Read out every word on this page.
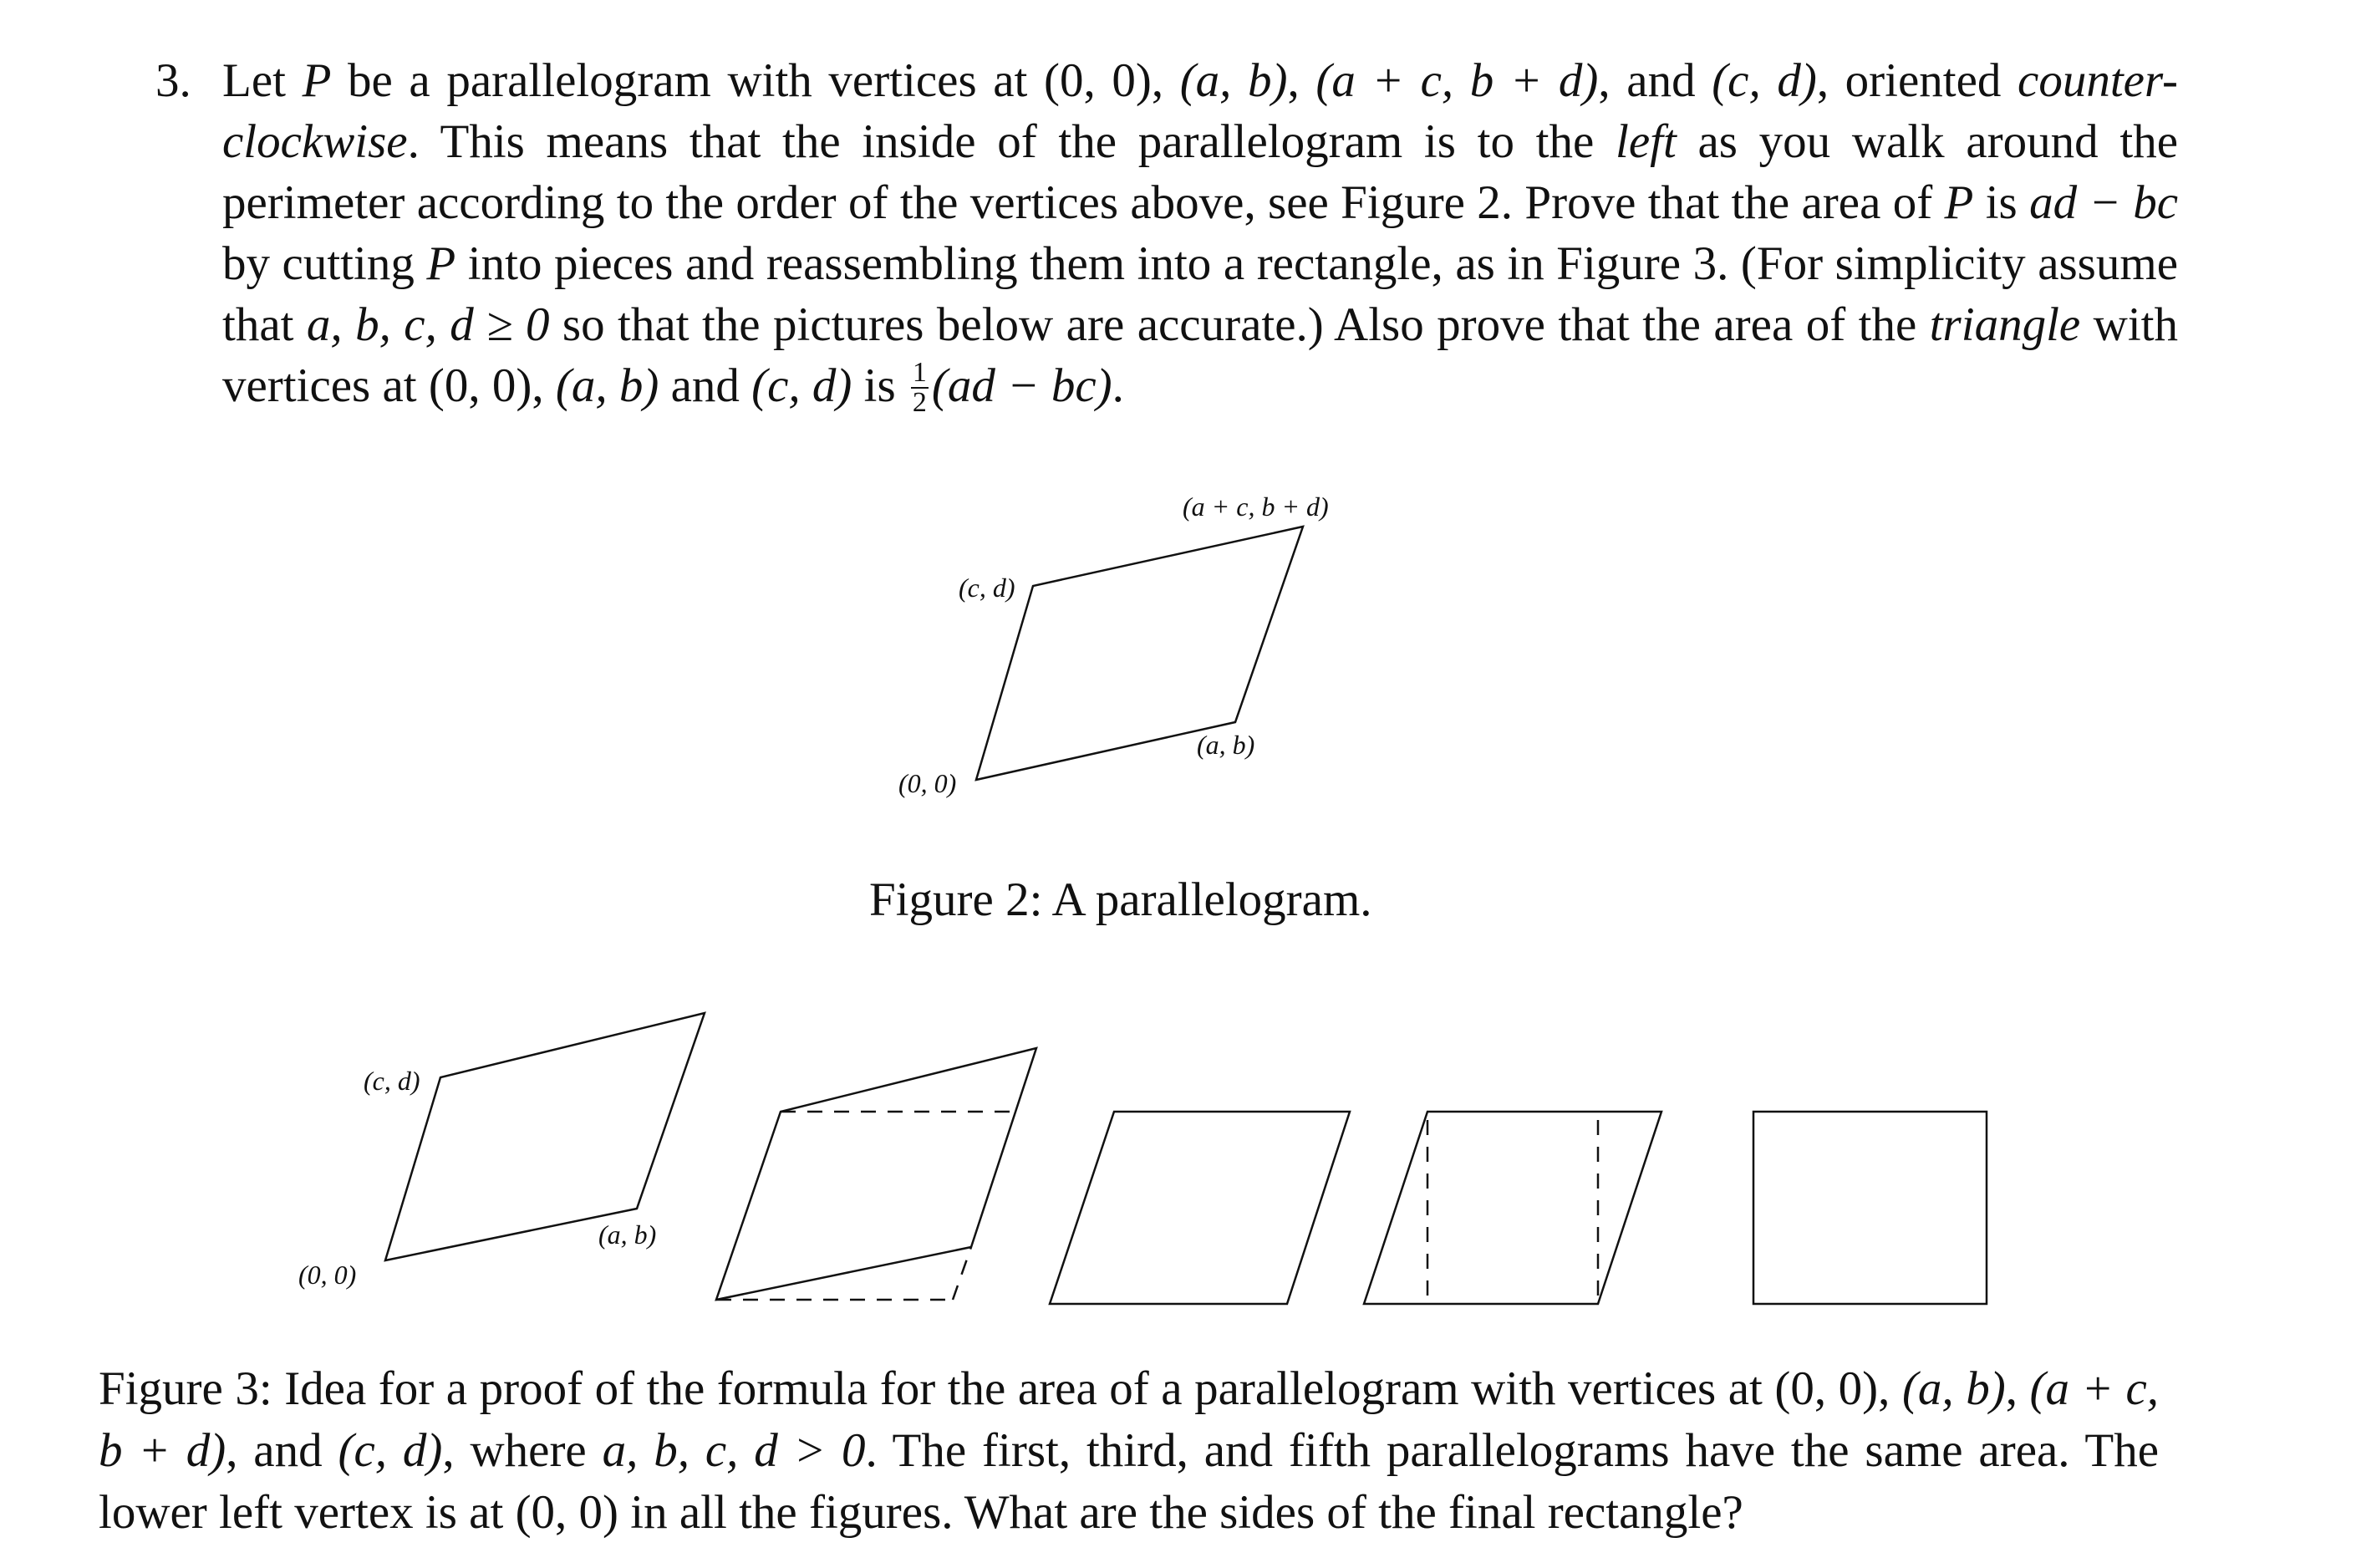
3. Let P be a parallelogram with vertices at (0, 0), (a, b), (a + c, b + d), and (c, d), oriented counter-clockwise. This means that the inside of the parallelogram is to the left as you walk around the perimeter according to the order of the vertices above, see Figure 2. Prove that the area of P is ad − bc by cutting P into pieces and reassembling them into a rectangle, as in Figure 3. (For simplicity assume that a, b, c, d ≥ 0 so that the pictures below are accurate.) Also prove that the area of the triangle with vertices at (0, 0), (a, b) and (c, d) is $\frac{1}{2} (ad - bc)$.
(0, 0)
(a, b)
(c, d)
(a + c, b + d)
(0, 0)
(a, b)
(c, d)
Figure 2: A parallelogram.
Figure 3: Idea for a proof of the formula for the area of a parallelogram with vertices at (0, 0), (a, b), (a + c, b + d), and (c, d), where a, b, c, d > 0. The first, third, and fifth parallelograms have the same area. The lower left vertex is at (0, 0) in all the figures. What are the sides of the final rectangle?
